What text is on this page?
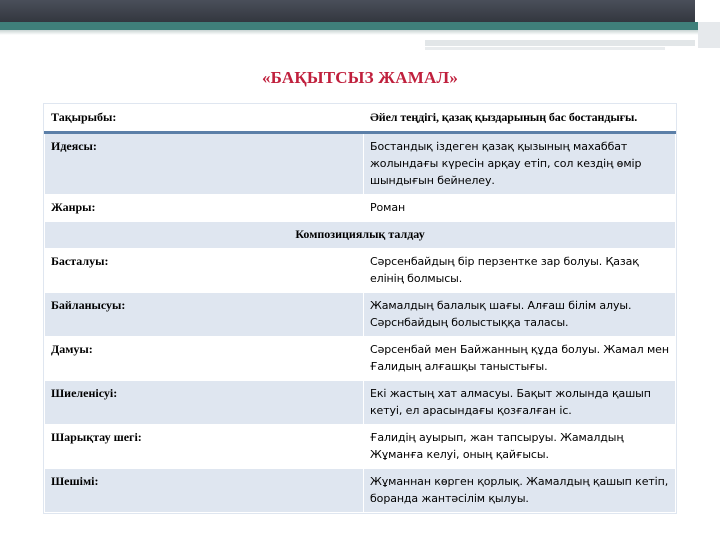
«БАҚЫТСЫЗ ЖАМАЛ»
Тақырыбы:	Әйел теңдігі, қазақ қыздарының бас бостандығы.
Идеясы:	Бостандық іздеген қазақ қызының махаббат жолындағы күресін арқау етіп, сол кездің өмір шындығын бейнелеу.
Жанры:	Роман
Композициялық талдау	
Басталуы:	Сәрсенбайдың бір перзентке зар болуы. Қазақ елінің болмысы.
Байланысуы:	Жамалдың балалық шағы. Алғаш білім алуы. Сәрснбайдың болыстыққа таласы.
Дамуы:	Сәрсенбай мен Байжанның құда болуы. Жамал мен Ғалидың алғашқы таныстығы.
Шиеленісуі:	Екі жастың хат алмасуы. Бақыт жолында қашып кетуі, ел арасындағы қозғалған іс.
Шарықтау шегі:	Ғалидің ауырып, жан тапсыруы. Жамалдың Жұманға келуі, оның қайғысы.
Шешімі:	Жұманнан көрген қорлық. Жамалдың қашып кетіп, боранда жантәсілім қылуы.
